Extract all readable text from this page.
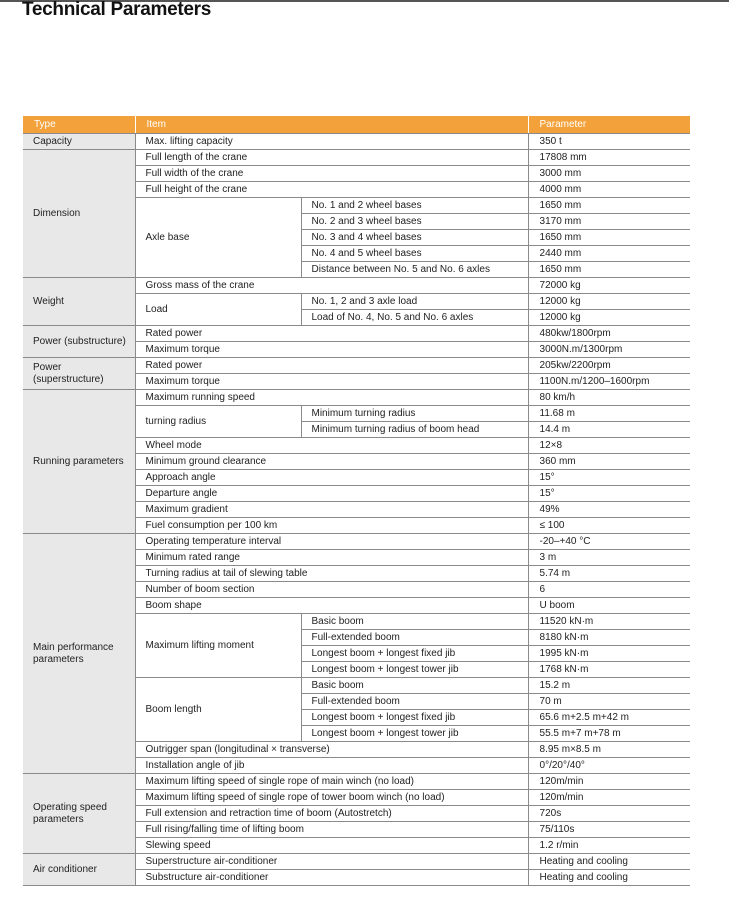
Technical Parameters
Type	Item		Parameter
Capacity	Max. lifting capacity		350 t
Dimension	Full length of the crane		17808 mm
	Full width of the crane		3000 mm
	Full height of the crane		4000 mm
	Axle base	No. 1 and 2 wheel bases	1650 mm
		No. 2 and 3 wheel bases	3170 mm
		No. 3 and 4 wheel bases	1650 mm
		No. 4 and 5 wheel bases	2440 mm
		Distance between No. 5 and No. 6 axles	1650 mm
Weight	Gross mass of the crane		72000 kg
	Load	No. 1, 2 and 3 axle load	12000 kg
		Load of No. 4, No. 5 and No. 6 axles	12000 kg
Power (substructure)	Rated power		480kw/1800rpm
	Maximum torque		3000N.m/1300rpm
Power (superstructure)	Rated power		205kw/2200rpm
	Maximum torque		1100N.m/1200–1600rpm
Running parameters	Maximum running speed		80 km/h
	turning radius	Minimum turning radius	11.68 m
		Minimum turning radius of boom head	14.4 m
	Wheel mode		12×8
	Minimum ground clearance		360 mm
	Approach angle		15°
	Departure angle		15°
	Maximum gradient		49%
	Fuel consumption per 100 km		≤ 100
Main performance parameters	Operating temperature interval		-20–+40 °C
	Minimum rated range		3 m
	Turning radius at tail of slewing table		5.74 m
	Number of boom section		6
	Boom shape		U boom
	Maximum lifting moment	Basic boom	11520 kN·m
		Full-extended boom	8180 kN·m
		Longest boom + longest fixed jib	1995 kN·m
		Longest boom + longest tower jib	1768 kN·m
	Boom length	Basic boom	15.2 m
		Full-extended boom	70 m
		Longest boom + longest fixed jib	65.6 m+2.5 m+42 m
		Longest boom + longest tower jib	55.5 m+7 m+78 m
	Outrigger span (longitudinal × transverse)		8.95 m×8.5 m
	Installation angle of jib		0°/20°/40°
Operating speed parameters	Maximum lifting speed of single rope of main winch (no load)		120m/min
	Maximum lifting speed of single rope of tower boom winch (no load)		120m/min
	Full extension and retraction time of boom (Autostretch)		720s
	Full rising/falling time of lifting boom		75/110s
	Slewing speed		1.2 r/min
Air conditioner	Superstructure air-conditioner		Heating and cooling
	Substructure air-conditioner		Heating and cooling
